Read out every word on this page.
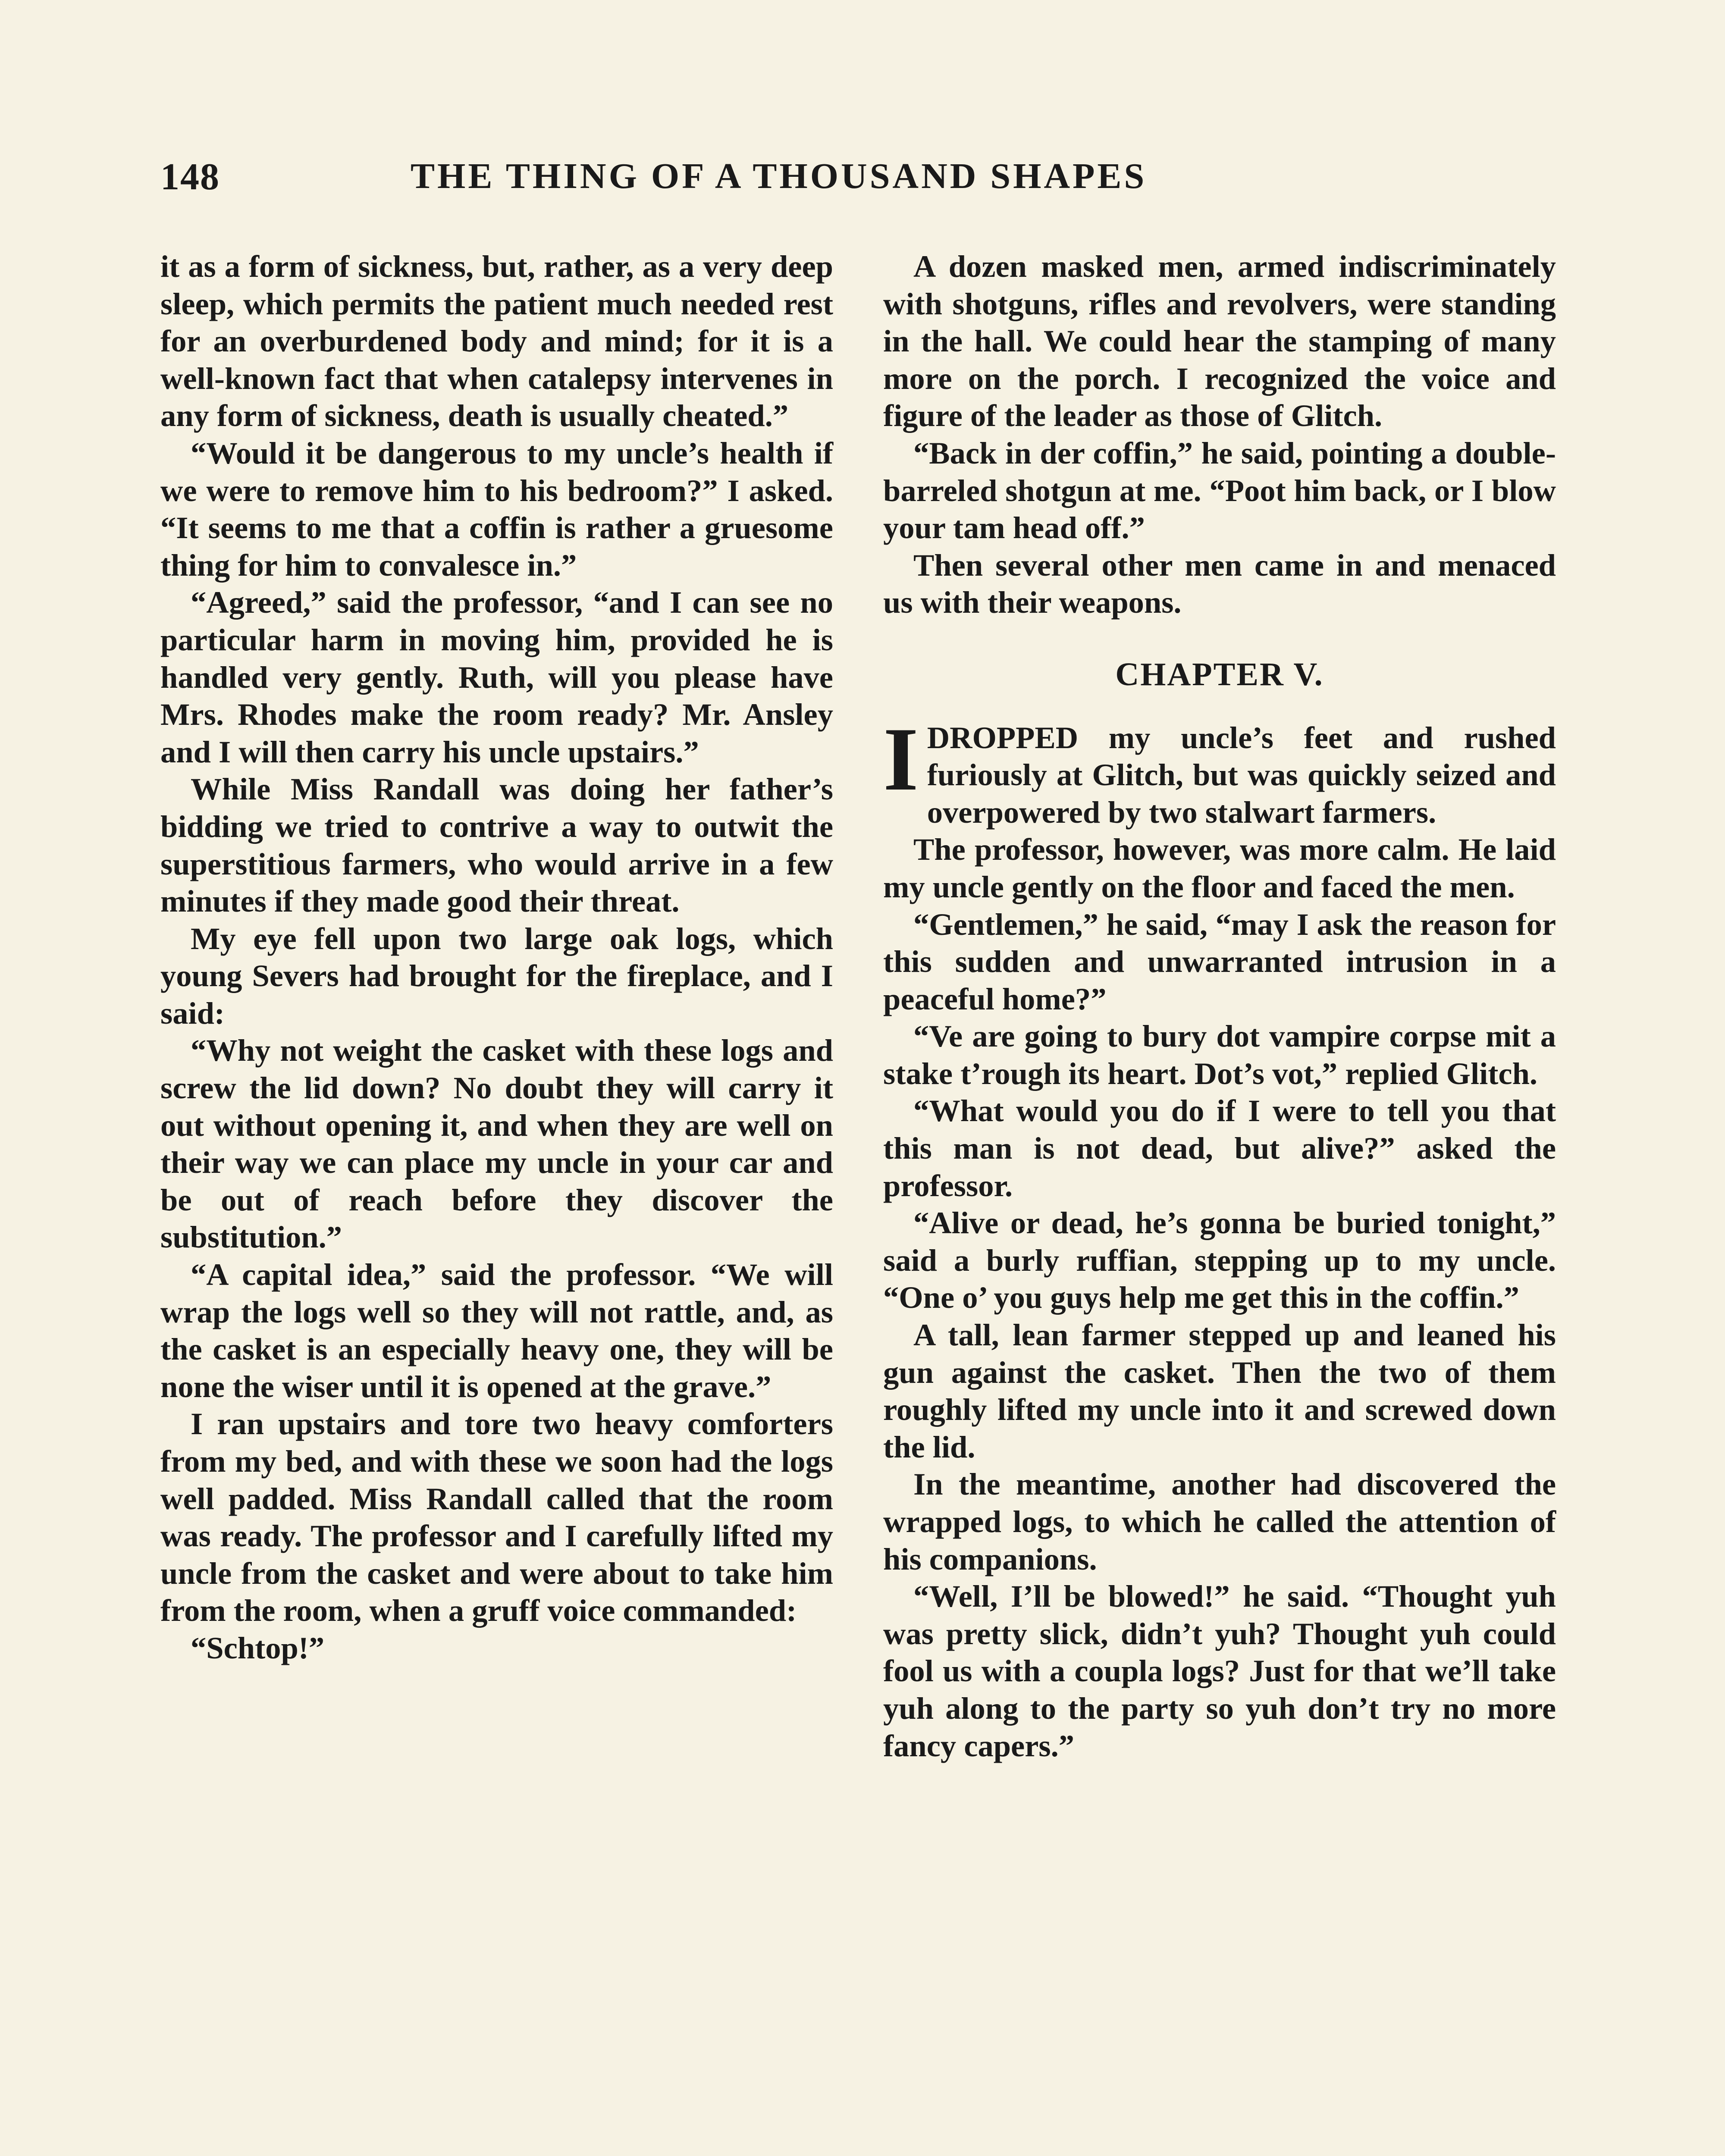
148	THE THING OF A THOUSAND SHAPES

it as a form of sickness, but, rather, as a very deep sleep, which permits the patient much needed rest for an overburdened body and mind; for it is a well-known fact that when catalepsy intervenes in any form of sickness, death is usually cheated.”

“Would it be dangerous to my uncle’s health if we were to remove him to his bedroom?” I asked. “It seems to me that a coffin is rather a gruesome thing for him to convalesce in.”

“Agreed,” said the professor, “and I can see no particular harm in moving him, provided he is handled very gently. Ruth, will you please have Mrs. Rhodes make the room ready? Mr. Ansley and I will then carry his uncle upstairs.”

While Miss Randall was doing her father’s bidding we tried to contrive a way to outwit the superstitious farmers, who would arrive in a few minutes if they made good their threat.

My eye fell upon two large oak logs, which young Severs had brought for the fireplace, and I said:

“Why not weight the casket with these logs and screw the lid down? No doubt they will carry it out without opening it, and when they are well on their way we can place my uncle in your car and be out of reach before they discover the substitution.”

“A capital idea,” said the professor. “We will wrap the logs well so they will not rattle, and, as the casket is an especially heavy one, they will be none the wiser until it is opened at the grave.”

I ran upstairs and tore two heavy comforters from my bed, and with these we soon had the logs well padded. Miss Randall called that the room was ready. The professor and I carefully lifted my uncle from the casket and were about to take him from the room, when a gruff voice commanded:

“Schtop!”

A dozen masked men, armed indiscriminately with shotguns, rifles and revolvers, were standing in the hall. We could hear the stamping of many more on the porch. I recognized the voice and figure of the leader as those of Glitch.

“Back in der coffin,” he said, pointing a double-barreled shotgun at me. “Poot him back, or I blow your tam head off.”

Then several other men came in and menaced us with their weapons.

CHAPTER V.

IDROPPED my uncle’s feet and rushed furiously at Glitch, but was quickly seized and overpowered by two stalwart farmers.

The professor, however, was more calm. He laid my uncle gently on the floor and faced the men.

“Gentlemen,” he said, “may I ask the reason for this sudden and unwarranted intrusion in a peaceful home?”

“Ve are going to bury dot vampire corpse mit a stake t’rough its heart. Dot’s vot,” replied Glitch.

“What would you do if I were to tell you that this man is not dead, but alive?” asked the professor.

“Alive or dead, he’s gonna be buried tonight,” said a burly ruffian, stepping up to my uncle. “One o’ you guys help me get this in the coffin.”

A tall, lean farmer stepped up and leaned his gun against the casket. Then the two of them roughly lifted my uncle into it and screwed down the lid.

In the meantime, another had discovered the wrapped logs, to which he called the attention of his companions.

“Well, I’ll be blowed!” he said. “Thought yuh was pretty slick, didn’t yuh? Thought yuh could fool us with a coupla logs? Just for that we’ll take yuh along to the party so yuh don’t try no more fancy capers.”
